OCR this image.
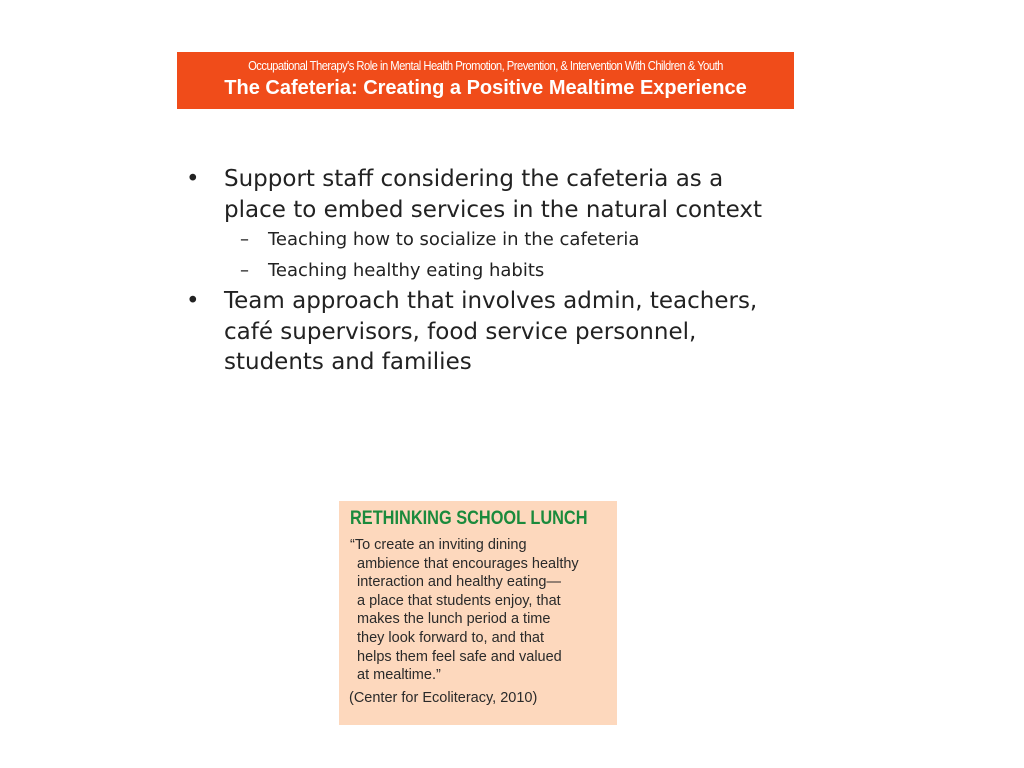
Occupational Therapy's Role in Mental Health Promotion, Prevention, & Intervention With Children & Youth
The Cafeteria: Creating a Positive Mealtime Experience
• Support staff considering the cafeteria as a
place to embed services in the natural context
– Teaching how to socialize in the cafeteria
– Teaching healthy eating habits
• Team approach that involves admin, teachers,
café supervisors, food service personnel,
students and families
RETHINKING SCHOOL LUNCH
“To create an inviting dining
ambience that encourages healthy
interaction and healthy eating—
a place that students enjoy, that
makes the lunch period a time
they look forward to, and that
helps them feel safe and valued
at mealtime.”
(Center for Ecoliteracy, 2010)
